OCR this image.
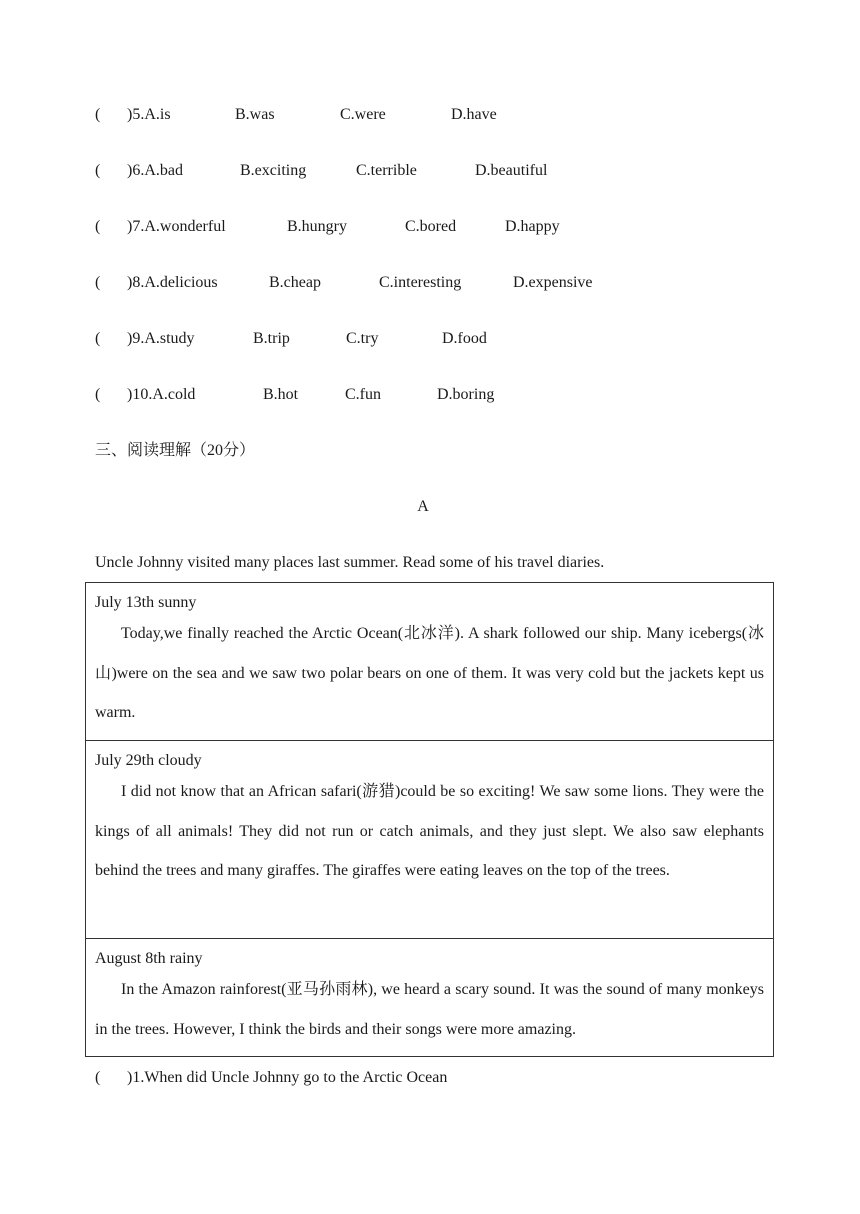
( )5.A.is	B.was	C.were	D.have
( )6.A.bad	B.exciting	C.terrible	D.beautiful
( )7.A.wonderful	B.hungry	C.bored	D.happy
( )8.A.delicious	B.cheap	C.interesting	D.expensive
( )9.A.study	B.trip	C.try	D.food
( )10.A.cold	B.hot	C.fun	D.boring
三、阅读理解（20分）
A
Uncle Johnny visited many places last summer. Read some of his travel diaries.
July 13th sunny
Today,we finally reached the Arctic Ocean(北冰洋). A shark followed our ship. Many icebergs(冰山)were on the sea and we saw two polar bears on one of them. It was very cold but the jackets kept us warm.

July 29th cloudy
I did not know that an African safari(游猎)could be so exciting! We saw some lions. They were the kings of all animals! They did not run or catch animals, and they just slept. We also saw elephants behind the trees and many giraffes. The giraffes were eating leaves on the top of the trees.

August 8th rainy
In the Amazon rainforest(亚马孙雨林), we heard a scary sound. It was the sound of many monkeys in the trees. However, I think the birds and their songs were more amazing.
( )1.When did Uncle Johnny go to the Arctic Ocean
